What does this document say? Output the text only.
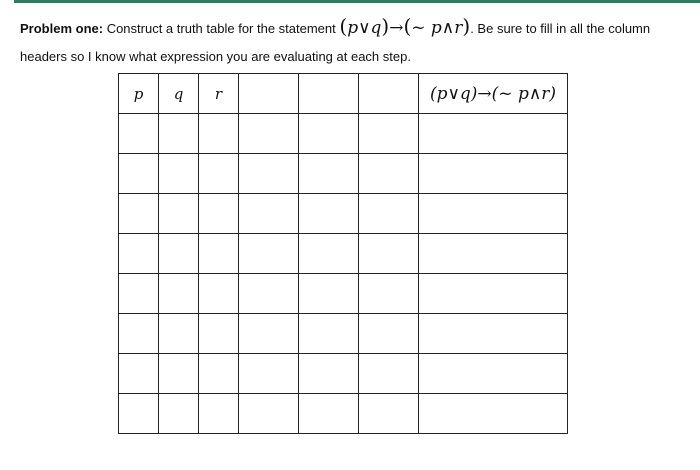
Problem one: Construct a truth table for the statement (p∨q)→(~ p∧r). Be sure to fill in all the column headers so I know what expression you are evaluating at each step.
p	q	r				(p∨q)→(~ p∧r)
